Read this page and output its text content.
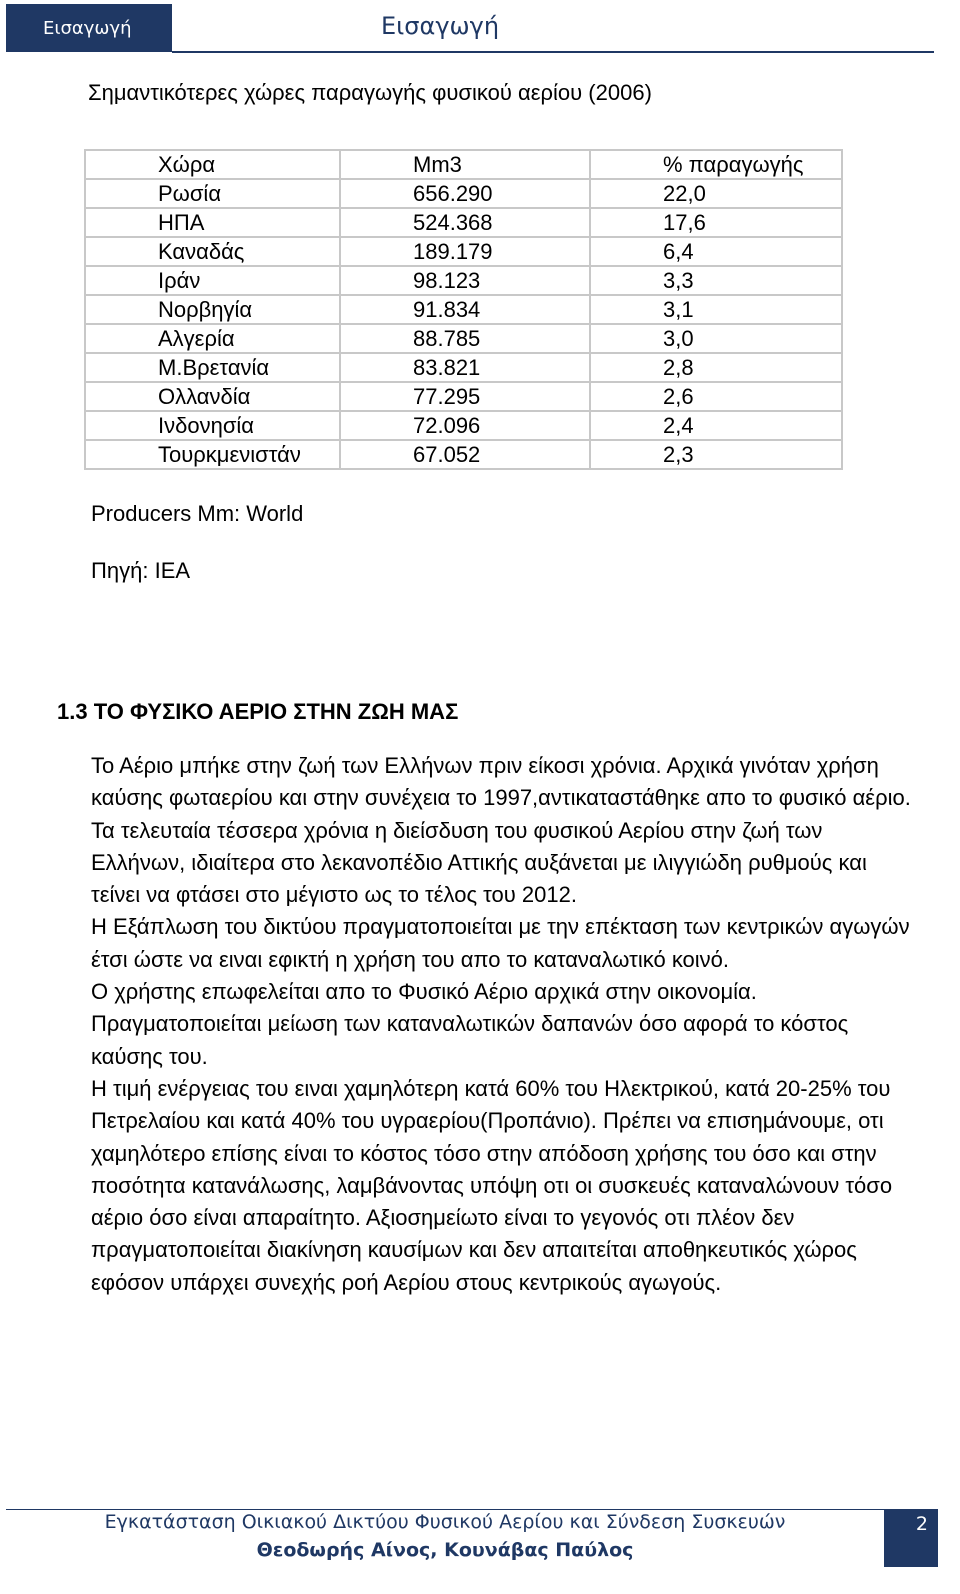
Εισαγωγή	Εισαγωγή
Σημαντικότερες χώρες παραγωγής φυσικού αερίου (2006)
Χώρα	Mm3	% παραγωγής
Ρωσία	656.290	22,0
ΗΠΑ	524.368	17,6
Καναδάς	189.179	6,4
Ιράν	98.123	3,3
Νορβηγία	91.834	3,1
Αλγερία	88.785	3,0
Μ.Βρετανία	83.821	2,8
Ολλανδία	77.295	2,6
Ινδονησία	72.096	2,4
Τουρκμενιστάν	67.052	2,3
Producers Mm: World
Πηγή: IEA
1.3 ΤΟ ΦΥΣΙΚΟ ΑΕΡΙΟ ΣΤΗΝ ΖΩΗ ΜΑΣ

Το Αέριο μπήκε στην ζωή των Ελλήνων πριν είκοσι χρόνια. Αρχικά γινόταν χρήση καύσης φωταερίου και στην συνέχεια το 1997,αντικαταστάθηκε απο το φυσικό αέριο. Τα τελευταία τέσσερα χρόνια η διείσδυση του φυσικού Αερίου στην ζωή των Ελλήνων, ιδιαίτερα στο λεκανοπέδιο Αττικής αυξάνεται με ιλιγγιώδη ρυθμούς και τείνει να φτάσει στο μέγιστο ως το τέλος του 2012.

Η Εξάπλωση του δικτύου πραγματοποιείται με την επέκταση των κεντρικών αγωγών έτσι ώστε να ειναι εφικτή η χρήση του απο το καταναλωτικό κοινό.

Ο χρήστης επωφελείται απο το Φυσικό Αέριο αρχικά στην οικονομία.

Πραγματοποιείται μείωση των καταναλωτικών δαπανών όσο αφορά το κόστος καύσης του.

Η τιμή ενέργειας του ειναι χαμηλότερη κατά 60% του Ηλεκτρικού, κατά 20-25% του Πετρελαίου και κατά 40% του υγραερίου(Προπάνιο). Πρέπει να επισημάνουμε, οτι χαμηλότερο επίσης είναι το κόστος τόσο στην απόδοση χρήσης του όσο και στην ποσότητα κατανάλωσης, λαμβάνοντας υπόψη οτι οι συσκευές καταναλώνουν τόσο αέριο όσο είναι απαραίτητο. Αξιοσημείωτο είναι το γεγονός οτι πλέον δεν πραγματοποιείται διακίνηση καυσίμων και δεν απαιτείται αποθηκευτικός χώρος εφόσον υπάρχει συνεχής ροή Αερίου στους κεντρικούς αγωγούς.

Εγκατάσταση Οικιακού Δικτύου Φυσικού Αερίου και Σύνδεση Συσκευών
Θεοδωρής Αίνος, Κουνάβας Παύλος
2
